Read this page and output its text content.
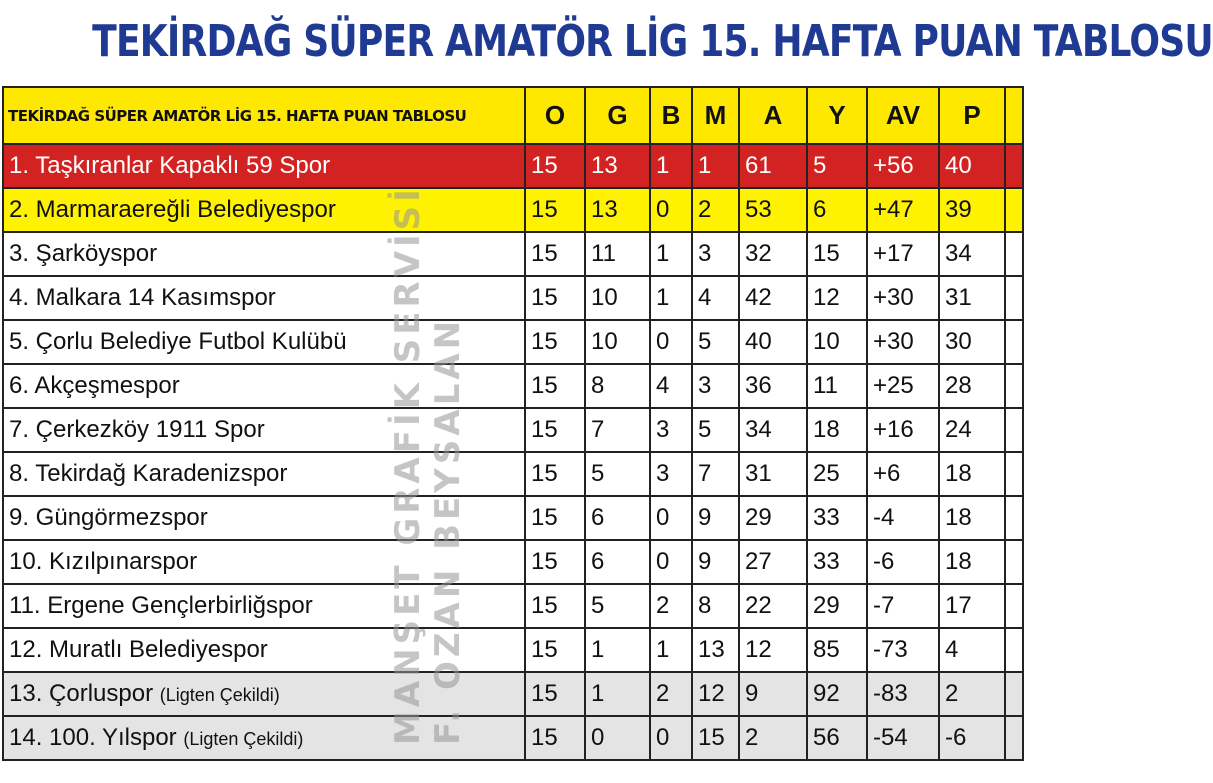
TEKİRDAĞ SÜPER AMATÖR LİG 15. HAFTA PUAN TABLOSU
TEKİRDAĞ SÜPER AMATÖR LİG 15. HAFTA PUAN TABLOSU	O	G	B	M	A	Y	AV	P	
1. Taşkıranlar Kapaklı 59 Spor	15	13	1	1	61	5	+56	40	
2. Marmaraereğli Belediyespor	15	13	0	2	53	6	+47	39	
3. Şarköyspor	15	11	1	3	32	15	+17	34	
4. Malkara 14 Kasımspor	15	10	1	4	42	12	+30	31	
5. Çorlu Belediye Futbol Kulübü	15	10	0	5	40	10	+30	30	
6. Akçeşmespor	15	8	4	3	36	11	+25	28	
7. Çerkezköy 1911 Spor	15	7	3	5	34	18	+16	24	
8. Tekirdağ Karadenizspor	15	5	3	7	31	25	+6	18	
9. Güngörmezspor	15	6	0	9	29	33	-4	18	
10. Kızılpınarspor	15	6	0	9	27	33	-6	18	
11. Ergene Gençlerbirliğspor	15	5	2	8	22	29	-7	17	
12. Muratlı Belediyespor	15	1	1	13	12	85	-73	4	
13. Çorluspor (Ligten Çekildi)	15	1	2	12	9	92	-83	2	
14. 100. Yılspor (Ligten Çekildi)	15	0	0	15	2	56	-54	-6	
MANŞET GRAFİK SERVİSİ F. OZAN BEYSALAN
